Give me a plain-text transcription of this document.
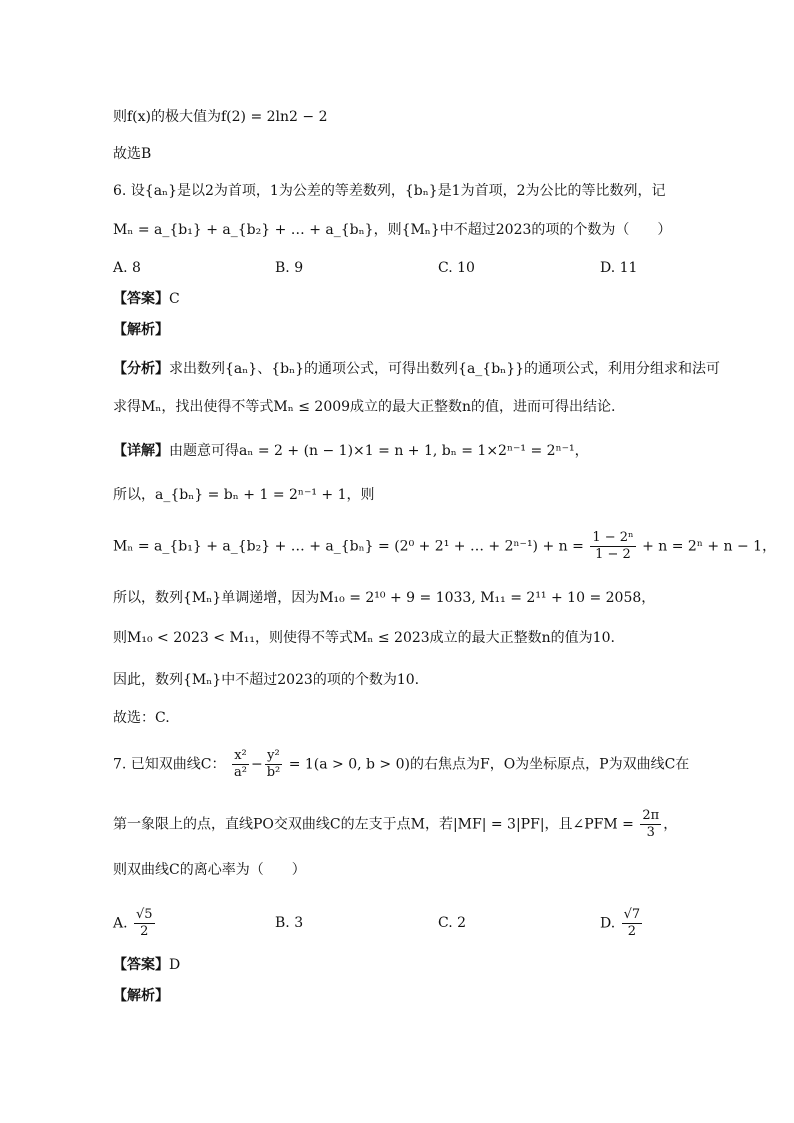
则f(x)的极大值为f(2) = 2ln2 − 2
故选B
6. 设{aₙ}是以2为首项，1为公差的等差数列，{bₙ}是1为首项，2为公比的等比数列，记
Mₙ = a_{b₁} + a_{b₂} + … + a_{bₙ}，则{Mₙ}中不超过2023的项的个数为（　　）
A. 8	B. 9	C. 10	D. 11
【答案】C
【解析】
【分析】求出数列{aₙ}、{bₙ}的通项公式，可得出数列{a_{bₙ}}的通项公式，利用分组求和法可
求得Mₙ，找出使得不等式Mₙ ≤ 2009成立的最大正整数n的值，进而可得出结论.
【详解】由题意可得aₙ = 2 + (n − 1)×1 = n + 1, bₙ = 1×2ⁿ⁻¹ = 2ⁿ⁻¹，
所以，a_{bₙ} = bₙ + 1 = 2ⁿ⁻¹ + 1，则
Mₙ = a_{b₁} + a_{b₂} + … + a_{bₙ} = (2⁰ + 2¹ + … + $2^{n-1}) + n = \frac{\text{1 − 2ⁿ}}{1 - 2} + n = 2^n + n - 1$，
所以，数列{Mₙ}单调递增，因为M₁₀ = 2¹⁰ + 9 = 1033, M₁₁ = 2¹¹ + 10 = 2058，
则M₁₀ < 2023 < M₁₁，则使得不等式Mₙ ≤ 2023成立的最大正整数n的值为10.
因此，数列{Mₙ}中不超过2023的项的个数为10.
故选：C.
7. 已知双曲线C： $\frac{\text{x²}}{\text{a²}} - \frac{\text{y²}}{\text{b²}} = 1(a > 0$, b > 0)的右焦点为F，O为坐标原点，P为双曲线C在
第一象限上的点，直线PO交双曲线C的左支于点M，若|MF| = 3|PF|，且∠PFM = $\frac{2\pi}{3}$ ，
则双曲线C的离心率为（　　）
A. $\frac{√5}{2}$	B. 3	C. 2	D. $\frac{√7}{2}$
【答案】D
【解析】
